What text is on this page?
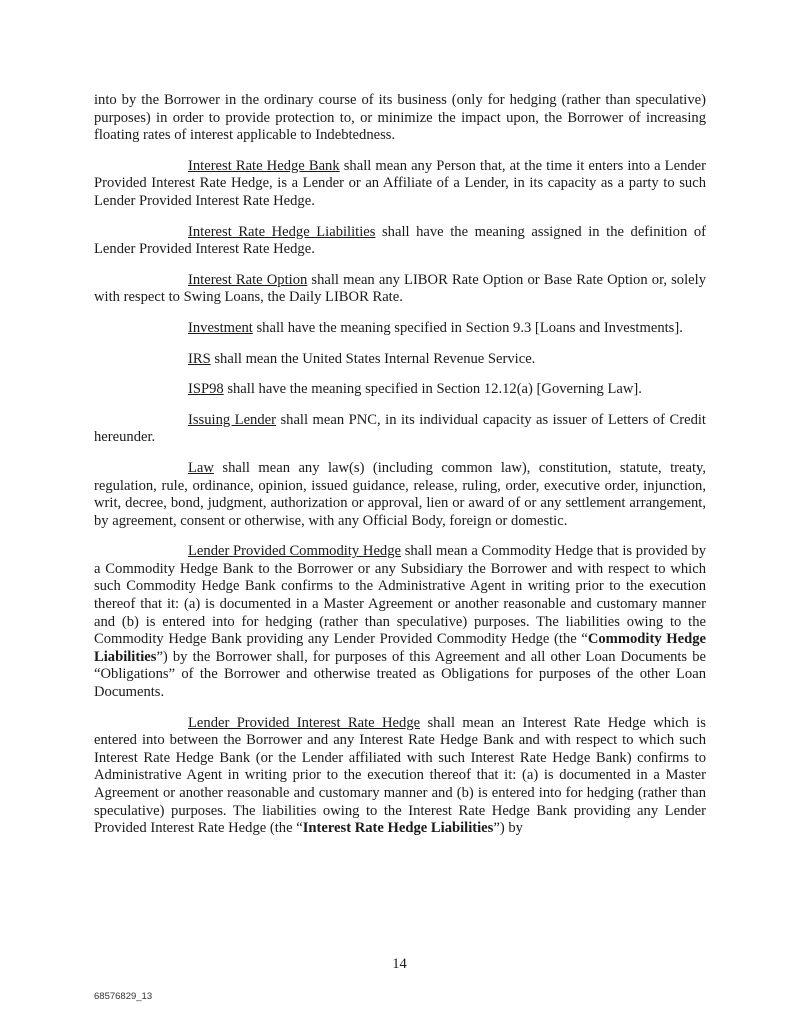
into by the Borrower in the ordinary course of its business (only for hedging (rather than speculative) purposes) in order to provide protection to, or minimize the impact upon, the Borrower of increasing floating rates of interest applicable to Indebtedness.

Interest Rate Hedge Bank shall mean any Person that, at the time it enters into a Lender Provided Interest Rate Hedge, is a Lender or an Affiliate of a Lender, in its capacity as a party to such Lender Provided Interest Rate Hedge.

Interest Rate Hedge Liabilities shall have the meaning assigned in the definition of Lender Provided Interest Rate Hedge.

Interest Rate Option shall mean any LIBOR Rate Option or Base Rate Option or, solely with respect to Swing Loans, the Daily LIBOR Rate.

Investment shall have the meaning specified in Section 9.3 [Loans and Investments].

IRS shall mean the United States Internal Revenue Service.

ISP98 shall have the meaning specified in Section 12.12(a) [Governing Law].

Issuing Lender shall mean PNC, in its individual capacity as issuer of Letters of Credit hereunder.

Law shall mean any law(s) (including common law), constitution, statute, treaty, regulation, rule, ordinance, opinion, issued guidance, release, ruling, order, executive order, injunction, writ, decree, bond, judgment, authorization or approval, lien or award of or any settlement arrangement, by agreement, consent or otherwise, with any Official Body, foreign or domestic.

Lender Provided Commodity Hedge shall mean a Commodity Hedge that is provided by a Commodity Hedge Bank to the Borrower or any Subsidiary the Borrower and with respect to which such Commodity Hedge Bank confirms to the Administrative Agent in writing prior to the execution thereof that it: (a) is documented in a Master Agreement or another reasonable and customary manner and (b) is entered into for hedging (rather than speculative) purposes. The liabilities owing to the Commodity Hedge Bank providing any Lender Provided Commodity Hedge (the “Commodity Hedge Liabilities”) by the Borrower shall, for purposes of this Agreement and all other Loan Documents be “Obligations” of the Borrower and otherwise treated as Obligations for purposes of the other Loan Documents.

Lender Provided Interest Rate Hedge shall mean an Interest Rate Hedge which is entered into between the Borrower and any Interest Rate Hedge Bank and with respect to which such Interest Rate Hedge Bank (or the Lender affiliated with such Interest Rate Hedge Bank) confirms to Administrative Agent in writing prior to the execution thereof that it: (a) is documented in a Master Agreement or another reasonable and customary manner and (b) is entered into for hedging (rather than speculative) purposes. The liabilities owing to the Interest Rate Hedge Bank providing any Lender Provided Interest Rate Hedge (the “Interest Rate Hedge Liabilities”) by

14
68576829_13
